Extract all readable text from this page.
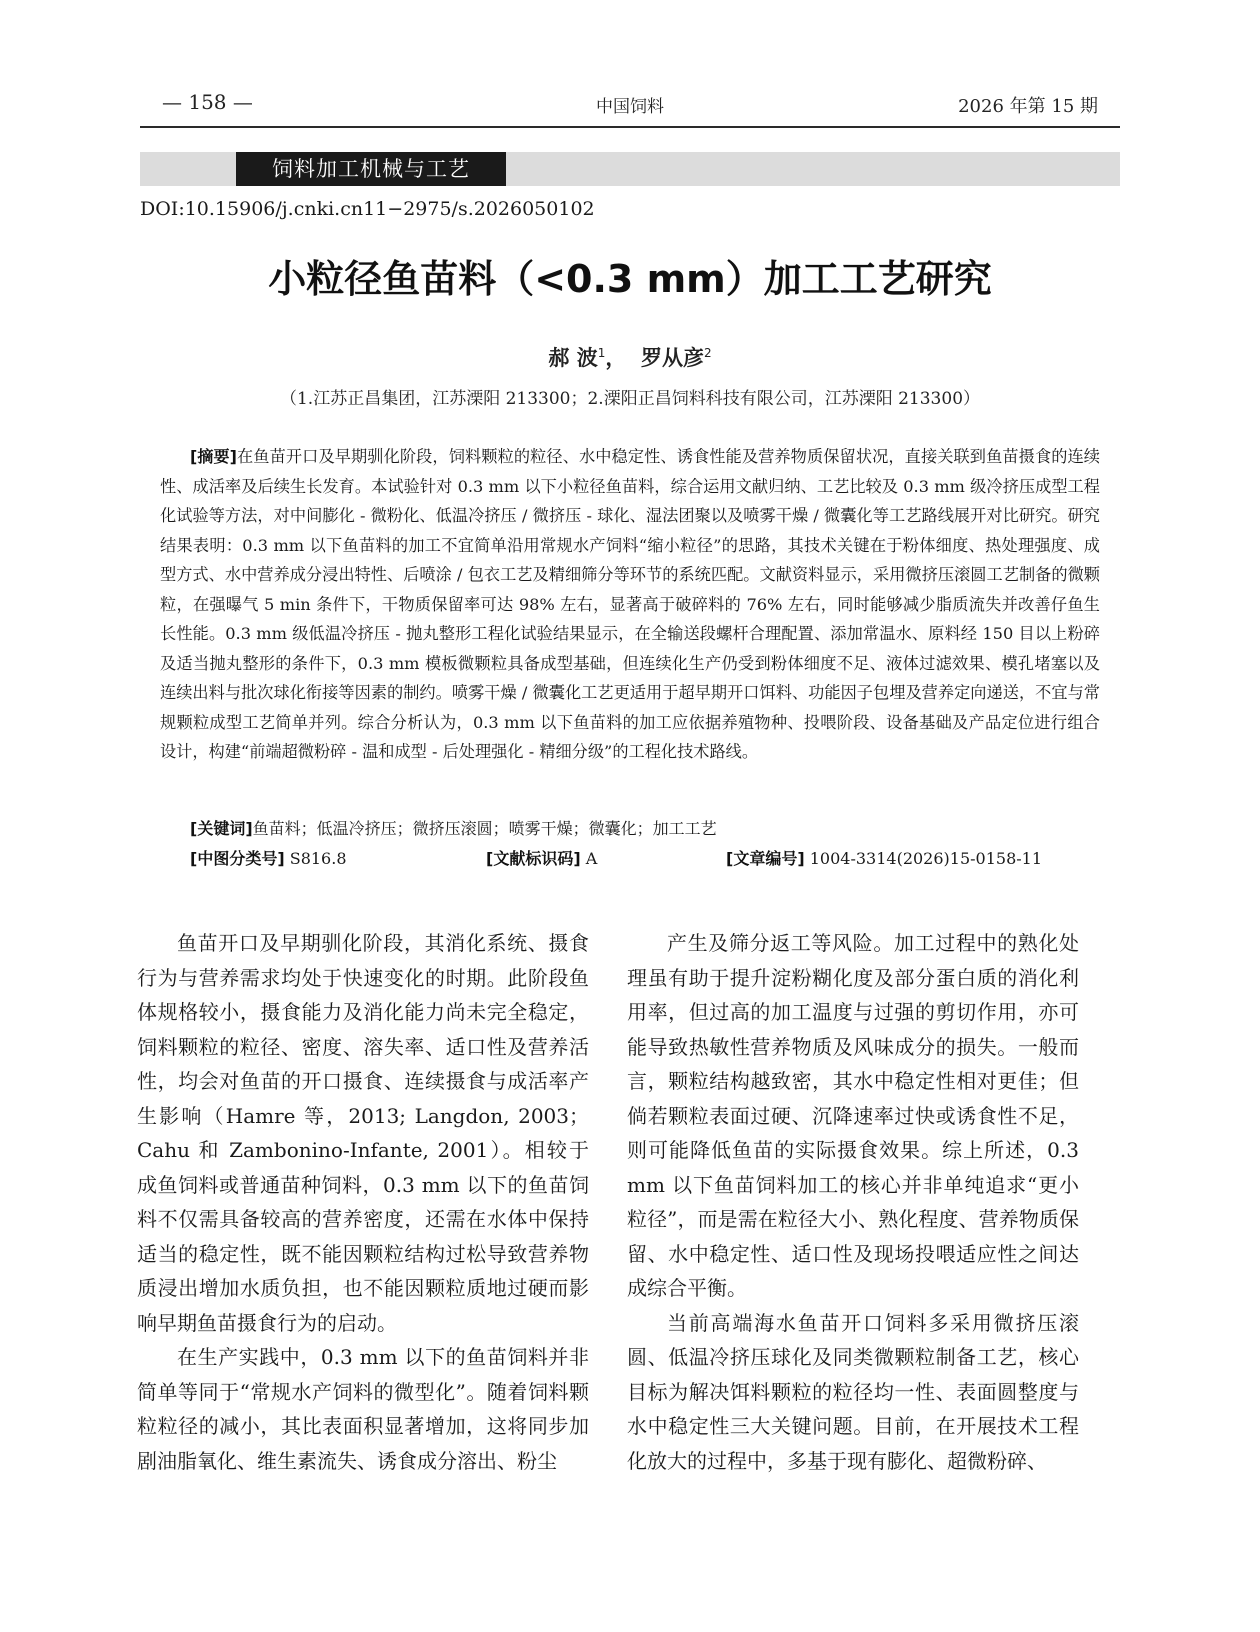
— 158 —	中国饲料	2026 年第 15 期
饲料加工机械与工艺
DOI:10.15906/j.cnki.cn11−2975/s.2026050102
小粒径鱼苗料（<0.3 mm）加工工艺研究
郝 波$^1$， 罗从彦$^2$
（1.江苏正昌集团，江苏溧阳 213300；2.溧阳正昌饲料科技有限公司，江苏溧阳 213300）

[摘要]在鱼苗开口及早期驯化阶段，饲料颗粒的粒径、水中稳定性、诱食性能及营养物质保留状况，直接关联到鱼苗摄食的连续性、成活率及后续生长发育。本试验针对 0.3 mm 以下小粒径鱼苗料，综合运用文献归纳、工艺比较及 0.3 mm 级冷挤压成型工程化试验等方法，对中间膨化 - 微粉化、低温冷挤压 / 微挤压 - 球化、湿法团聚以及喷雾干燥 / 微囊化等工艺路线展开对比研究。研究结果表明：0.3 mm 以下鱼苗料的加工不宜简单沿用常规水产饲料“缩小粒径”的思路，其技术关键在于粉体细度、热处理强度、成型方式、水中营养成分浸出特性、后喷涂 / 包衣工艺及精细筛分等环节的系统匹配。文献资料显示，采用微挤压滚圆工艺制备的微颗粒，在强曝气 5 min 条件下，干物质保留率可达 98% 左右，显著高于破碎料的 76% 左右，同时能够减少脂质流失并改善仔鱼生长性能。0.3 mm 级低温冷挤压 - 抛丸整形工程化试验结果显示，在全输送段螺杆合理配置、添加常温水、原料经 150 目以上粉碎及适当抛丸整形的条件下，0.3 mm 模板微颗粒具备成型基础，但连续化生产仍受到粉体细度不足、液体过滤效果、模孔堵塞以及连续出料与批次球化衔接等因素的制约。喷雾干燥 / 微囊化工艺更适用于超早期开口饵料、功能因子包埋及营养定向递送，不宜与常规颗粒成型工艺简单并列。综合分析认为，0.3 mm 以下鱼苗料的加工应依据养殖物种、投喂阶段、设备基础及产品定位进行组合设计，构建“前端超微粉碎 - 温和成型 - 后处理强化 - 精细分级”的工程化技术路线。

[关键词]鱼苗料；低温冷挤压；微挤压滚圆；喷雾干燥；微囊化；加工工艺
[中图分类号] S816.8	[文献标识码] A	[文章编号] 1004-3314(2026)15-0158-11

鱼苗开口及早期驯化阶段，其消化系统、摄食行为与营养需求均处于快速变化的时期。此阶段鱼体规格较小，摄食能力及消化能力尚未完全稳定，饲料颗粒的粒径、密度、溶失率、适口性及营养活性，均会对鱼苗的开口摄食、连续摄食与成活率产生影响（Hamre 等，2013; Langdon, 2003；Cahu 和 Zambonino-Infante, 2001）。相较于成鱼饲料或普通苗种饲料，0.3 mm 以下的鱼苗饲料不仅需具备较高的营养密度，还需在水体中保持适当的稳定性，既不能因颗粒结构过松导致营养物质浸出增加水质负担，也不能因颗粒质地过硬而影响早期鱼苗摄食行为的启动。

在生产实践中，0.3 mm 以下的鱼苗饲料并非简单等同于“常规水产饲料的微型化”。随着饲料颗粒粒径的减小，其比表面积显著增加，这将同步加剧油脂氧化、维生素流失、诱食成分溶出、粉尘

产生及筛分返工等风险。加工过程中的熟化处理虽有助于提升淀粉糊化度及部分蛋白质的消化利用率，但过高的加工温度与过强的剪切作用，亦可能导致热敏性营养物质及风味成分的损失。一般而言，颗粒结构越致密，其水中稳定性相对更佳；但倘若颗粒表面过硬、沉降速率过快或诱食性不足，则可能降低鱼苗的实际摄食效果。综上所述，0.3 mm 以下鱼苗饲料加工的核心并非单纯追求“更小粒径”，而是需在粒径大小、熟化程度、营养物质保留、水中稳定性、适口性及现场投喂适应性之间达成综合平衡。

当前高端海水鱼苗开口饲料多采用微挤压滚圆、低温冷挤压球化及同类微颗粒制备工艺，核心目标为解决饵料颗粒的粒径均一性、表面圆整度与水中稳定性三大关键问题。目前，在开展技术工程化放大的过程中，多基于现有膨化、超微粉碎、
